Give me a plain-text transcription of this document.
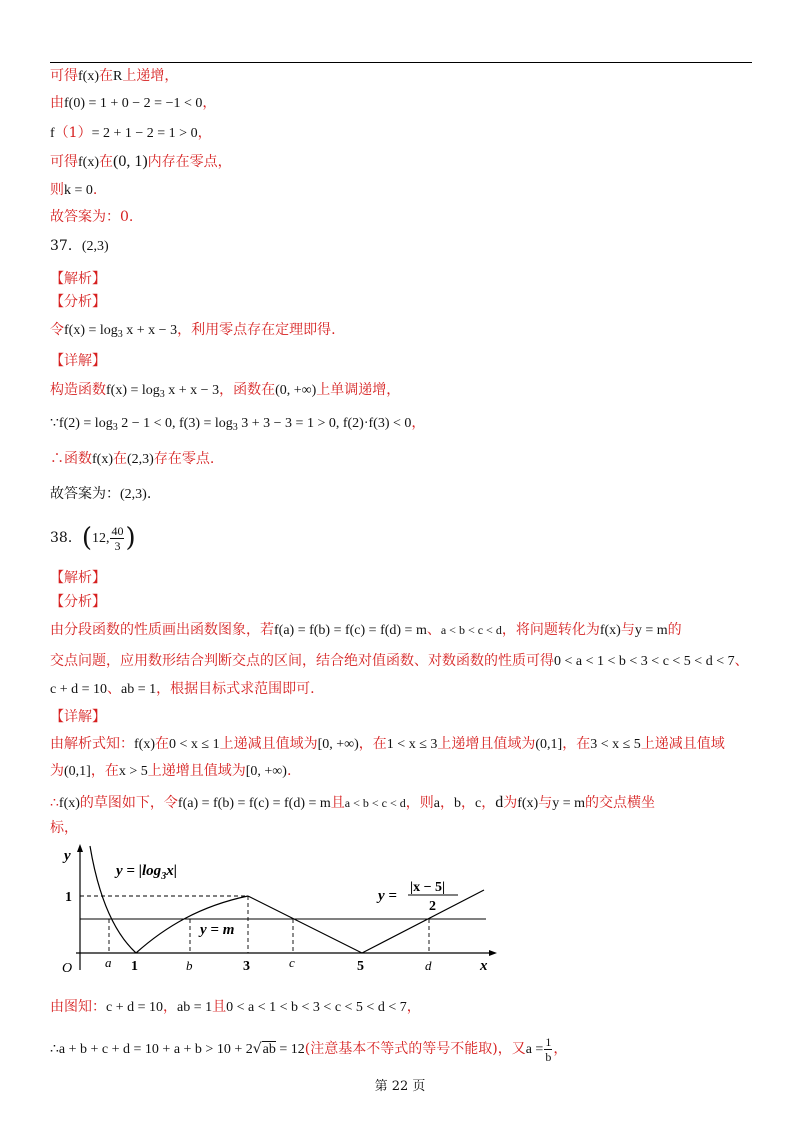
可得f(x)在R上递增，
由f(0) = 1 + 0 − 2 = −1 < 0，
f（1）= 2 + 1 − 2 = 1 > 0，
可得f(x)在(0, 1)内存在零点，
则k = 0.
故答案为：0.
37．(2,3)
【解析】
【分析】
令$f(x) = \log_3 x + x - 3$，利用零点存在定理即得.
【详解】
构造函数$f(x) = \log_3 x + x - 3$，函数在(0, +∞)上单调递增，
∵f(2) = $\log_3 2 - 1 < 0$, $f(3) = \log_3 3 + 3 - 3 = 1 > 0$, f(2)·f(3) < 0，
∴函数f(x)在(2,3)存在零点.
故答案为：(2,3).
38．(12, $\frac{40}{3}$ )
【解析】
【分析】
由分段函数的性质画出函数图象，若f(a) = f(b) = f(c) = f(d) = m、a < b < c < d，将问题转化为f(x)与y = m的
交点问题，应用数形结合判断交点的区间，结合绝对值函数、对数函数的性质可得0 < a < 1 < b < 3 < c < 5 < d < 7、
c + d = 10、ab = 1，根据目标式求范围即可.
【详解】
由解析式知：f(x)在0 < x ≤ 1上递减且值域为[0, +∞)，在1 < x ≤ 3上递增且值域为(0,1]，在3 < x ≤ 5上递减且值域
为(0,1]，在x > 5上递增且值域为[0, +∞).
∴f(x)的草图如下，令f(a) = f(b) = f(c) = f(d) = m且a < b < c < d，则a，b，c，d为f(x)与y = m的交点横坐
标，
y
x
O
1
$y = |\log_3x|$
y = m
y =
|x − 5|
2
a 1	b	3	c	5	d
由图知：c + d = 10，ab = 1且0 < a < 1 < b < 3 < c < 5 < d < 7，
∴a + b + c + d = 10 + a + b > 10 + 2√ab = 12(注意基本不等式的等号不能取)，又$a = \frac{1}{b}$ ，
第 22 页
